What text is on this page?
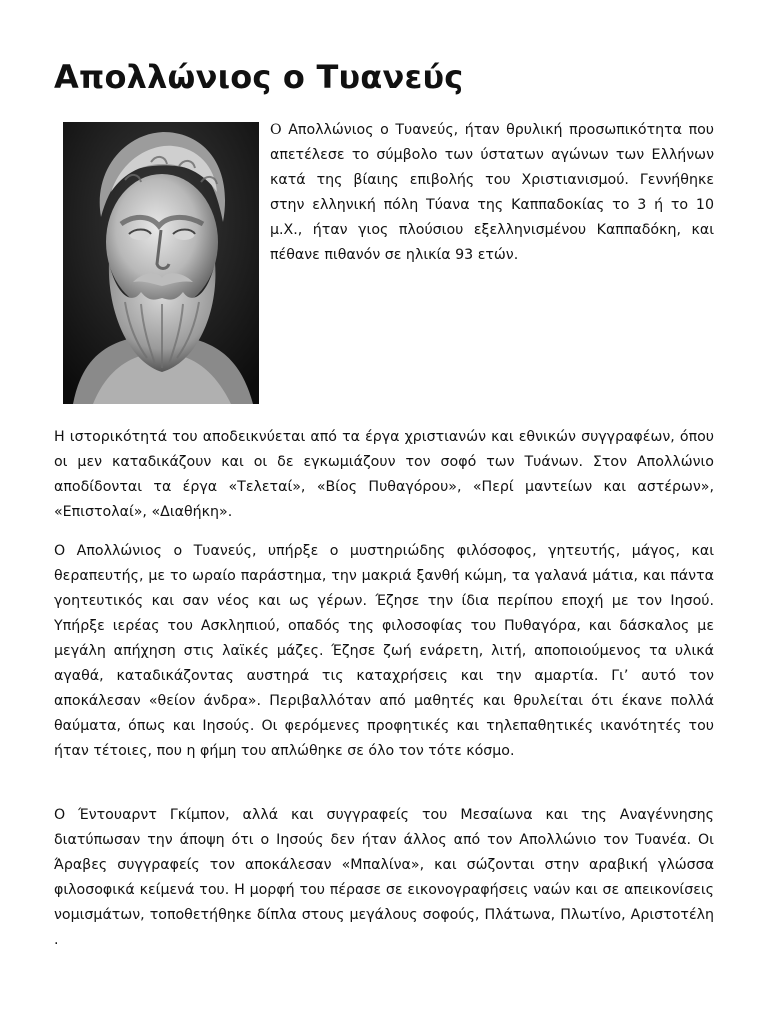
Απολλώνιος ο Τυανεύς

Ο Απολλώνιος ο Τυανεύς, ήταν θρυλική προσωπικότητα που απετέλεσε το σύμβολο των ύστατων αγώνων των Ελλήνων κατά της βίαιης επιβολής του Χριστιανισμού. Γεννήθηκε στην ελληνική πόλη Τύανα της Καππαδοκίας το 3 ή το 10 μ.Χ., ήταν γιος πλούσιου εξελληνισμένου Καππαδόκη, και πέθανε πιθανόν σε ηλικία 93 ετών.

Η ιστορικότητά του αποδεικνύεται από τα έργα χριστιανών και εθνικών συγγραφέων, όπου οι μεν καταδικάζουν και οι δε εγκωμιάζουν τον σοφό των Τυάνων. Στον Απολλώνιο αποδίδονται τα έργα «Τελεταί», «Βίος Πυθαγόρου», «Περί μαντείων και αστέρων», «Επιστολαί», «Διαθήκη».

Ο Απολλώνιος ο Τυανεύς, υπήρξε ο μυστηριώδης φιλόσοφος, γητευτής, μάγος, και θεραπευτής, με το ωραίο παράστημα, την μακριά ξανθή κώμη, τα γαλανά μάτια, και πάντα γοητευτικός και σαν νέος και ως γέρων. Έζησε την ίδια περίπου εποχή με τον Ιησού. Υπήρξε ιερέας του Ασκληπιού, οπαδός της φιλοσοφίας του Πυθαγόρα, και δάσκαλος με μεγάλη απήχηση στις λαϊκές μάζες. Έζησε ζωή ενάρετη, λιτή, αποποιούμενος τα υλικά αγαθά, καταδικάζοντας αυστηρά τις καταχρήσεις και την αμαρτία. Γι’ αυτό τον αποκάλεσαν «θείον άνδρα». Περιβαλλόταν από μαθητές και θρυλείται ότι έκανε πολλά θαύματα, όπως και Ιησούς. Οι φερόμενες προφητικές και τηλεπαθητικές ικανότητές του ήταν τέτοιες, που η φήμη του απλώθηκε σε όλο τον τότε κόσμο.

Ο Έντουαρντ Γκίμπον, αλλά και συγγραφείς του Μεσαίωνα και της Αναγέννησης διατύπωσαν την άποψη ότι ο Ιησούς δεν ήταν άλλος από τον Απολλώνιο τον Τυανέα. Οι Άραβες συγγραφείς τον αποκάλεσαν «Μπαλίνα», και σώζονται στην αραβική γλώσσα φιλοσοφικά κείμενά του. Η μορφή του πέρασε σε εικονογραφήσεις ναών και σε απεικονίσεις νομισμάτων, τοποθετήθηκε δίπλα στους μεγάλους σοφούς, Πλάτωνα, Πλωτίνο, Αριστοτέλη .
